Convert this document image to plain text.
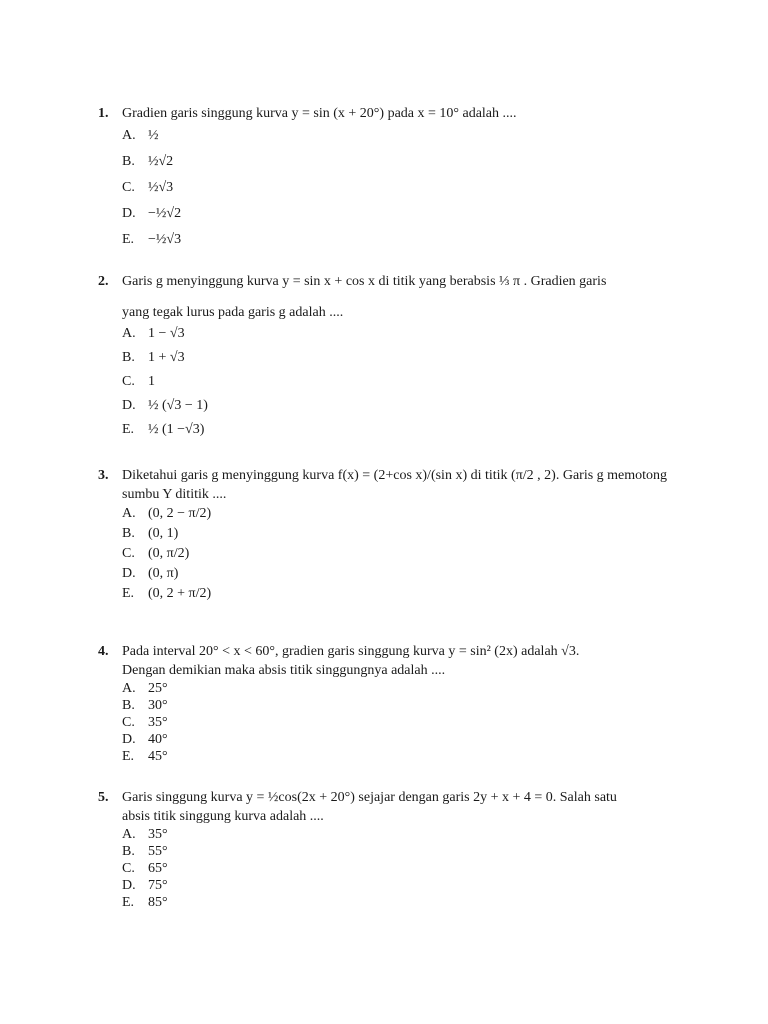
1. Gradien garis singgung kurva y = sin (x + 20°) pada x = 10° adalah ....
A. ½
B. ½√2
C. ½√3
D. −½√2
E. −½√3
2. Garis g menyinggung kurva y = sin x + cos x di titik yang berabsis ⅓ π . Gradien garis
yang tegak lurus pada garis g adalah ....
A. 1 − √3
B. 1 + √3
C. 1
D. ½ (√3 − 1)
E. ½ (1 −√3)
3. Diketahui garis g menyinggung kurva f(x) = (2+cos x)/(sin x) di titik (π/2 , 2). Garis g memotong
sumbu Y dititik ....
A. (0, 2 − π/2)
B. (0, 1)
C. (0, π/2)
D. (0, π)
E. (0, 2 + π/2)
4. Pada interval 20° < x < 60°, gradien garis singgung kurva y = sin² (2x) adalah √3.
Dengan demikian maka absis titik singgungnya adalah ....
A. 25°
B. 30°
C. 35°
D. 40°
E. 45°
5. Garis singgung kurva y = ½cos(2x + 20°) sejajar dengan garis 2y + x + 4 = 0. Salah satu
absis titik singgung kurva adalah ....
A. 35°
B. 55°
C. 65°
D. 75°
E. 85°
